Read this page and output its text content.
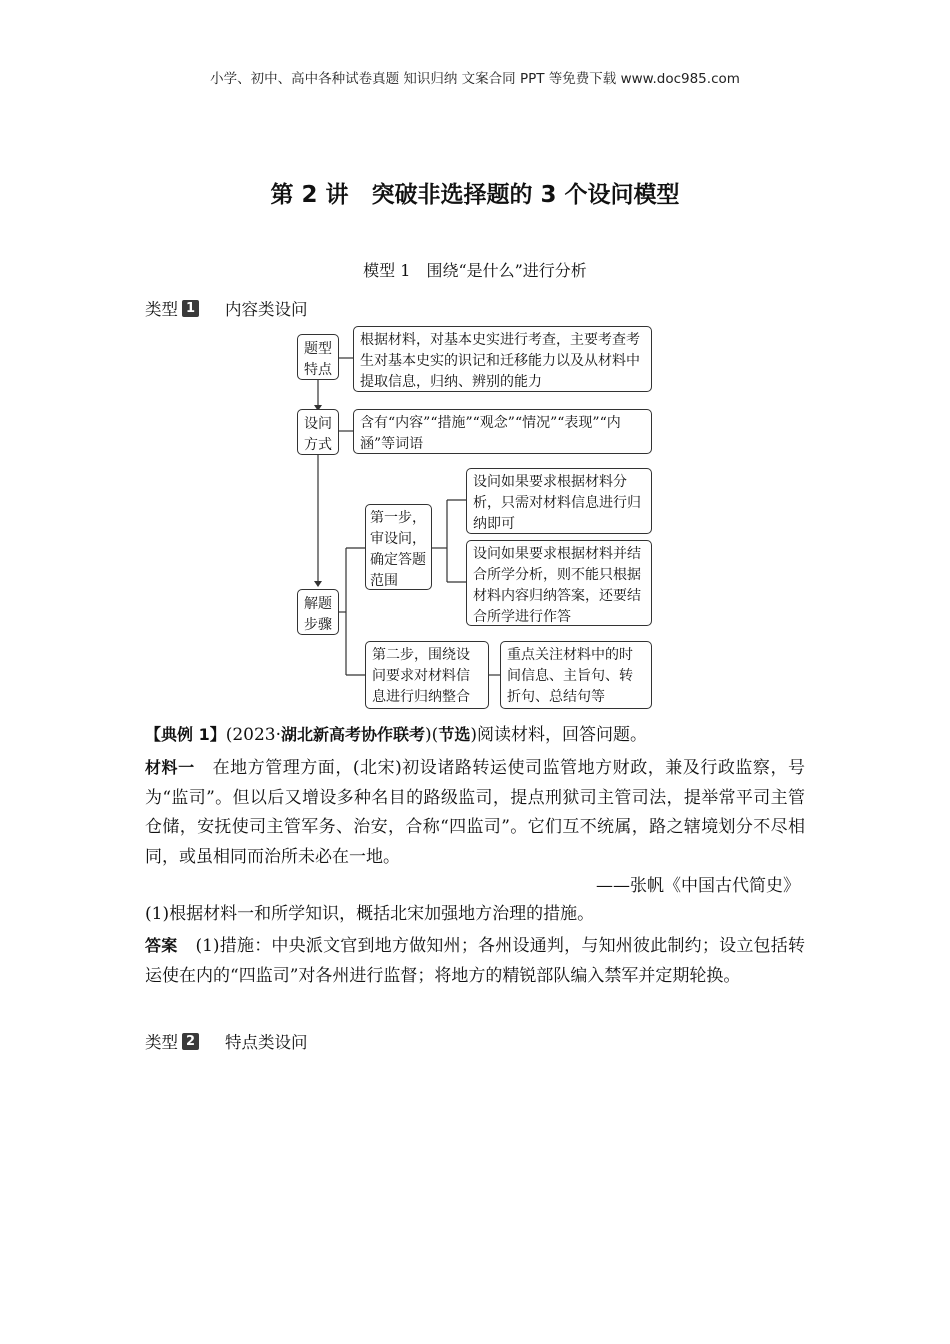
小学、初中、高中各种试卷真题 知识归纳 文案合同 PPT 等免费下载 www.doc985.com
第 2 讲　突破非选择题的 3 个设问模型
模型 1　围绕“是什么”进行分析
类型 1 内容类设问
题型特点
根据材料，对基本史实进行考查，主要考查考生对基本史实的识记和迁移能力以及从材料中提取信息，归纳、辨别的能力
设问方式
含有“内容”“措施”“观念”“情况”“表现”“内涵”等词语
解题步骤
第一步，审设问，确定答题范围
设问如果要求根据材料分析，只需对材料信息进行归纳即可
设问如果要求根据材料并结合所学分析，则不能只根据材料内容归纳答案，还要结合所学进行作答
第二步，围绕设问要求对材料信息进行归纳整合
重点关注材料中的时间信息、主旨句、转折句、总结句等
【典例 1】(2023·湖北新高考协作联考)(节选)阅读材料，回答问题。
材料一 在地方管理方面，(北宋)初设诸路转运使司监管地方财政，兼及行政监察，号为“监司”。但以后又增设多种名目的路级监司，提点刑狱司主管司法，提举常平司主管仓储，安抚使司主管军务、治安，合称“四监司”。它们互不统属，路之辖境划分不尽相同，或虽相同而治所未必在一地。
——张帆《中国古代简史》
(1)根据材料一和所学知识，概括北宋加强地方治理的措施。
答案 (1)措施：中央派文官到地方做知州；各州设通判，与知州彼此制约；设立包括转运使在内的“四监司”对各州进行监督；将地方的精锐部队编入禁军并定期轮换。
类型 2 特点类设问
